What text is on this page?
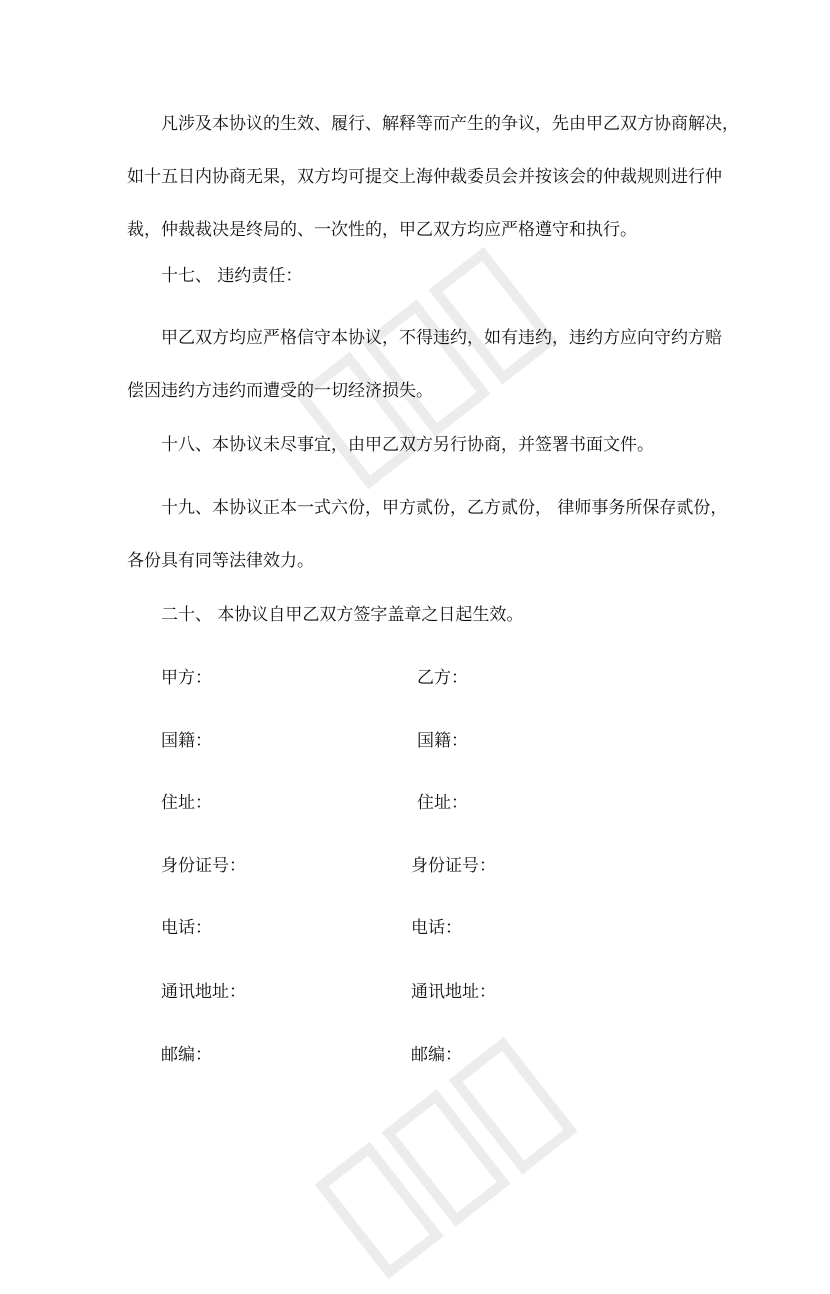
凡涉及本协议的生效、履行、解释等而产生的争议，先由甲乙双方协商解决，
如十五日内协商无果，双方均可提交上海仲裁委员会并按该会的仲裁规则进行仲
裁，仲裁裁决是终局的、一次性的，甲乙双方均应严格遵守和执行。
十七、 违约责任：
甲乙双方均应严格信守本协议，不得违约，如有违约，违约方应向守约方赔
偿因违约方违约而遭受的一切经济损失。
十八、本协议未尽事宜，由甲乙双方另行协商，并签署书面文件。
十九、本协议正本一式六份，甲方贰份，乙方贰份， 律师事务所保存贰份，
各份具有同等法律效力。
二十、 本协议自甲乙双方签字盖章之日起生效。
甲方：
国籍：
住址：
身份证号：
电话：
通讯地址：
邮编：
乙方：
国籍：
住址：
身份证号：
电话：
通讯地址：
邮编：
